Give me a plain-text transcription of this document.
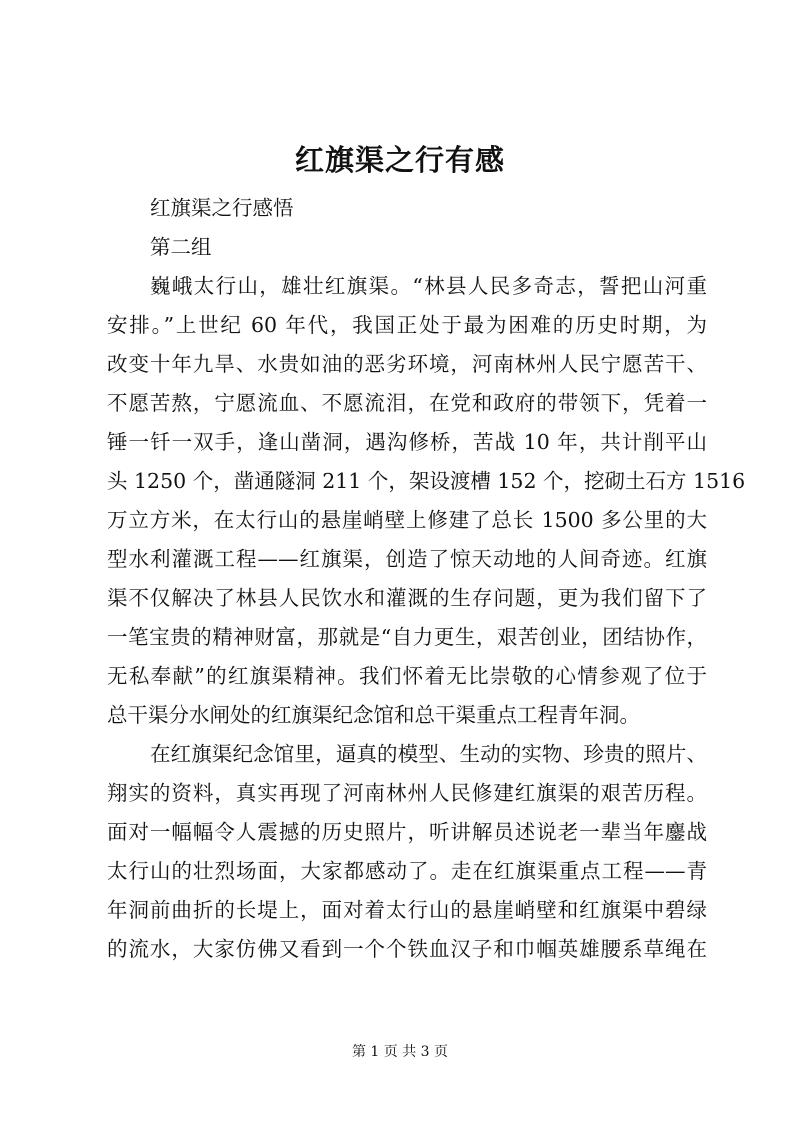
红旗渠之行有感
红旗渠之行感悟
第二组
巍峨太行山，雄壮红旗渠。“林县人民多奇志，誓把山河重
安排。”上世纪 60 年代，我国正处于最为困难的历史时期，为
改变十年九旱、水贵如油的恶劣环境，河南林州人民宁愿苦干、
不愿苦熬，宁愿流血、不愿流泪，在党和政府的带领下，凭着一
锤一钎一双手，逢山凿洞，遇沟修桥，苦战 10 年，共计削平山
头 1250 个，凿通隧洞 211 个，架设渡槽 152 个，挖砌土石方 1516
万立方米，在太行山的悬崖峭壁上修建了总长 1500 多公里的大
型水利灌溉工程——红旗渠，创造了惊天动地的人间奇迹。红旗
渠不仅解决了林县人民饮水和灌溉的生存问题，更为我们留下了
一笔宝贵的精神财富，那就是“自力更生，艰苦创业，团结协作，
无私奉献”的红旗渠精神。我们怀着无比崇敬的心情参观了位于
总干渠分水闸处的红旗渠纪念馆和总干渠重点工程青年洞。
在红旗渠纪念馆里，逼真的模型、生动的实物、珍贵的照片、
翔实的资料，真实再现了河南林州人民修建红旗渠的艰苦历程。
面对一幅幅令人震撼的历史照片，听讲解员述说老一辈当年鏖战
太行山的壮烈场面，大家都感动了。走在红旗渠重点工程——青
年洞前曲折的长堤上，面对着太行山的悬崖峭壁和红旗渠中碧绿
的流水，大家仿佛又看到一个个铁血汉子和巾帼英雄腰系草绳在
第 1 页 共 3 页
